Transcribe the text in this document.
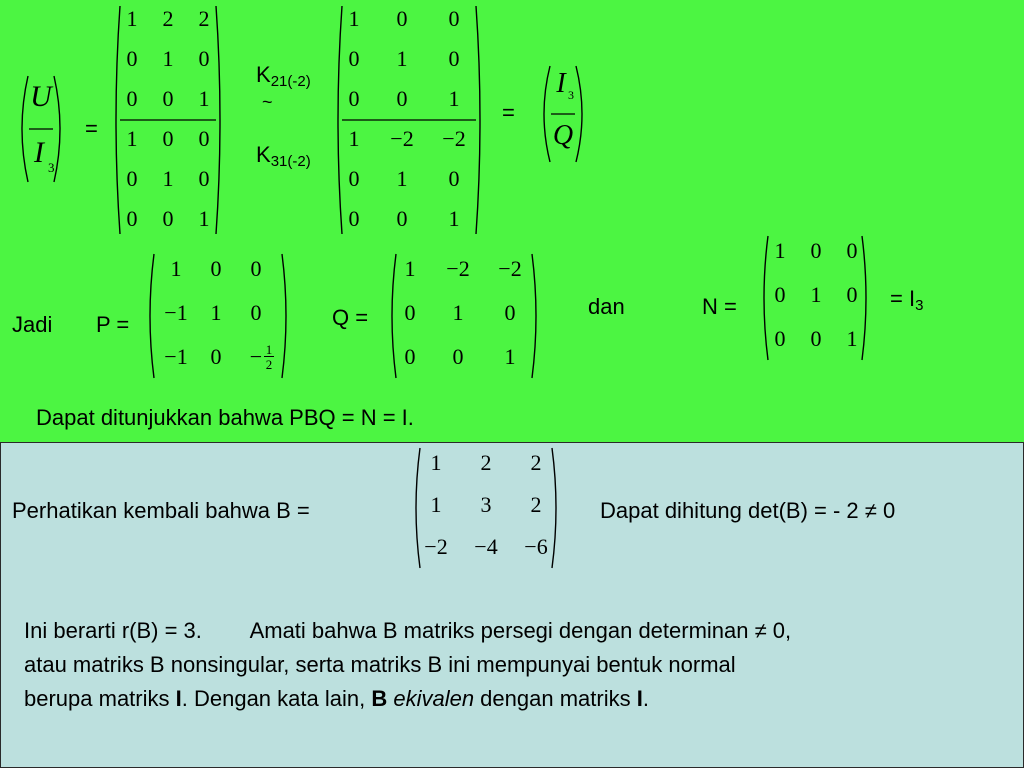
U
I 3
=
1	2	2
0	1	0
0	0	1
1	0	0
0	1	0
0	0	1
$K_{21(-2)}$
~
$K_{31(-2)}$
1	0	0
0	1	0
0	0	1
1	−2	−2
0	1	0
0	0	1
=
I 3
Q
Jadi P =
1	0	0
−1	1	0
−1	0	− 1
2
Q =
1	−2	−2
0	1	0
0	0	1
dan	N =
1	0	0
0	1	0
0	0	1
= $I_3$
Dapat ditunjukkan bahwa PBQ = N = I.
Perhatikan kembali bahwa B =
1	2	2
1	3	2
−2	−4	−6
Dapat dihitung det(B) = - 2 ≠ 0
Ini berarti r(B) = 3.        Amati bahwa B matriks persegi dengan determinan ≠ 0,
atau matriks B nonsingular, serta matriks B ini mempunyai bentuk normal
berupa matriks I. Dengan kata lain, B ekivalen dengan matriks I.
